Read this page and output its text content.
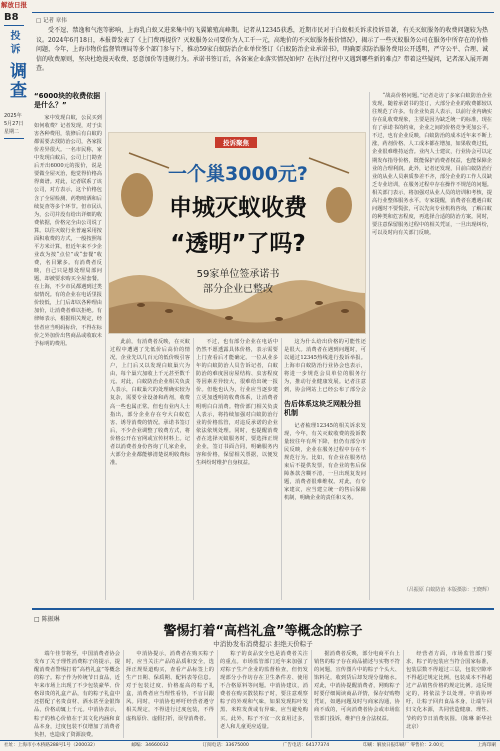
解放日报
B8
投 诉
调查
2025年
5月27日
星期二
□ 记者 章伟

受不逗、禁逸和气泡等影响，上海乳白蚁又进来集中的飞翼繁殖高峰期。记者从12345获悉，近期市民对于白蚁相关诉求投诉显著，有关灭蚁服务的收费问题较为热议。2024年6月18日，本报曾发表了《上门费再提价？灭蚁服务公司要价为人工千一元，高地价的不灭蚁服务报价情况》，揭示了一些灭蚁服务公司在服务中所存在的价格问题，今年，上海市物价监督管理局等多个部门参与下，推动59家白蚁防治企业单位签订《白蚁防治企业承诺书》，明确要求防治服务费用公开透明，严守公平、合理、诚信的收费原则，坚决杜绝漫天收费、恶意加价等违规行为。承诺书签订后，各备案企业落实情况如何？在执行过程中又遇到哪些新的难点？带着这些疑问，记者深入展开调查。

“6000块的收费依据是什么？”

家中发现白蚁，公民买到如何收费？记者发现，对于虫害各种费用，装修后有白蚁的都需要去找防治公司，各家报价差异很大。一名市民称，家中发现白蚁后，公司上门勘查后开出6000元的报价，说是要做全屋灭治，他觉得价格高得离谱。对此，记者联系了该公司，对方表示，这个价格包含了全屋检测、药物喷洒和后续复查等多个环节。但市民认为，公司并没有给出详细的收费依据，价格完全由公司说了算。以往灭蚁行业普遍采用按面积收费的方式，一般按照每平方米计算，但近年来不少企业改为按“点位”或“套餐”收费，名目繁多。有消费者反映，自己只是想处理局部问题，却被要求购买全屋套餐。在上海，不少市民都遇到过类似情况。有的企业在电话里报价较低，上门后却以各种理由加价，让消费者难以拒绝。有律师表示，根据相关规定，经营者应当明码标价，不得在标价之外加价出售商品或收取未予标明的费用。

投诉聚焦
一个巢3000元?
申城灭蚁收费
“透明”了吗?
59家单位签承诺书
部分企业已整改

此前，有消费者反映，在灭蚁过程中遭遇了先低价后高价的情况。企业先以几百元的低价吸引客户，上门后又以发现白蚁巢穴为由，每个巢穴加收上千元甚至数千元。对此，白蚁防治企业相关负责人表示，白蚁巢穴的处理确实较为复杂，需要专业设备和药剂，收费高一些也属正常。但也有业内人士指出，部分企业存在夸大白蚁危害、诱导消费的情况。承诺书签订后，不少企业调整了收费方式，将价格公开在官网或宣传材料上。记者以消费者身份咨询了几家企业，大部分企业都能够清楚说明收费标准。

不过，也有部分企业在电话中仍然不愿透露具体价格，表示需要上门查看后才能确定。一位从业多年的白蚁防治人员告诉记者，白蚁防治的难度因房屋结构、虫害程度等因素差异较大，很难给出统一报价。但他也认为，行业应当逐步建立更加透明的收费体系，让消费者明明白白消费。物价部门相关负责人表示，将持续加强对白蚁防治行业的价格监管，对违反承诺的企业依法依规处理。同时，也提醒消费者在选择灭蚁服务时，要选择正规企业，签订书面合同，明确服务内容和价格，保留相关票据，以便发生纠纷时维护自身权益。

这为什么给出价格的可能性还是很大。消费者在遇到问题时，可以通过12345热线进行投诉举报。上海市白蚁防治行业协会也表示，将进一步规范会员单位的服务行为，推动行业健康发展。记者注意到，协会网站上已经公布了部分会

告后体系这块乏网般分担机制

记者梳理12345的相关诉求发现，今年，有关灭蚁收费的投诉数量较往年有所下降，但仍有部分市民反映，企业在服务过程中存在不规范行为。比如，有企业在服务结束后不提供发票，有企业的售后保障条款含糊不清，一旦出现复发问题，消费者很难维权。对此，有专家建议，应当建立统一的售后保障机制，明确企业的责任和义务。

“战高价格问题。”记者走访了多家白蚁防治企业发现，随着承诺书的签订，大部分企业的收费都较以往规范了许多。有企业负责人表示，以前行业内确实存在乱收费现象，主要是因为缺乏统一的标准，现在有了承诺书的约束，企业之间的价格竞争更加公平。不过，也有企业反映，白蚁防治的成本近年来不断上涨，药剂价格、人工成本都在增加，如果收费过低，企业很难维持运营。业内人士建议，行业协会可以定期发布指导价格，既能保护消费者权益，也能保障企业的合理利润。此外，记者还发现，目前白蚁防治行业的从业人员素质参差不齐，部分企业的工作人员缺乏专业培训，在服务过程中存在操作不规范的问题。相关部门表示，将加强对从业人员的培训和考核，提高行业整体服务水平。专家提醒，消费者在遭遇白蚁问题时不要慌张，可以先向专业机构咨询，了解白蚁的种类和危害程度，再选择合适的防治方案。同时，要注意保留服务过程中的相关凭证，一旦出现纠纷，可以及时向有关部门反映。

（吕振原 白蚁防治 本版摄影：王晓辉）
□ 陈振琳
警惕打着“高档礼盒”等概念的粽子
中消协发布消费提示 拒绝天价粽子

端午佳节将至，中国消费者协会发布了关于理性消费粽子的提示，提醒消费者警惕打着“高档礼盒”等概念的粽子。粽子作为传统节日食品，近年来市场上出现了不少包装豪华、价格昂贵的礼盒产品，有的粽子礼盒中还搭配了名贵食材、酒水甚至金银饰品，价格动辄上千元。中消协表示，粽子的核心价值在于其文化内涵和食品本身，过度包装不仅增加了消费者负担，也造成了资源浪费。

中消协提示，消费者在购买粽子时，应当关注产品的品质和安全，选择正规渠道购买，查看产品标签上的生产日期、保质期、配料表等信息。对于包装过度、价格虚高的粽子礼盒，消费者应当理性看待，不盲目跟风。同时，中消协也呼吁经营者遵守相关规定，不得进行过度包装，不得虚构原价、虚假打折，误导消费者。

粽子的食品安全也是消费者关注的重点。市场监管部门近年来加强了对粽子生产企业的监督检查，但仍发现部分小作坊存在卫生条件差、使用不合格原料等问题。中消协建议，消费者在购买散装粽子时，要注意观察粽子的外观和气味，如果发现粽叶发黑、米粒发黄或有异味，应当避免购买。此外，粽子不宜一次食用过多，老人和儿童更应适量。

据消费者反映，部分电商平台上销售的粽子存在商品描述与实物不符的问题，宣传图片中的粽子个头大、馅料足，收到货后却发现分量缩水。对此，中消协提醒消费者，网购粽子时要仔细阅读商品详情，保存好购物凭证，如遇问题及时与商家沟通，协商不成的，可向消费者协会或市场监管部门投诉，维护自身合法权益。

经营者方面，市场监管部门要求，粽子的包装应当符合国家标准，包装层数不得超过三层，包装空隙率不得超过规定比例，包装成本不得超过产品销售价格的规定比例。违反规定的，将依法予以处理。中消协呼吁，让粽子回归食品本身，让端午回归文化本源，共同营造健康、理性、节约的节日消费氛围。（陈琳 新华社 北京）

社址：上海市小木桥路288号1号（200032）	邮编：34660032	订阅电话：33675000	广告电话：64177374	印刷：解放日报印刷厂 零售价：2.00元	上海印刷
